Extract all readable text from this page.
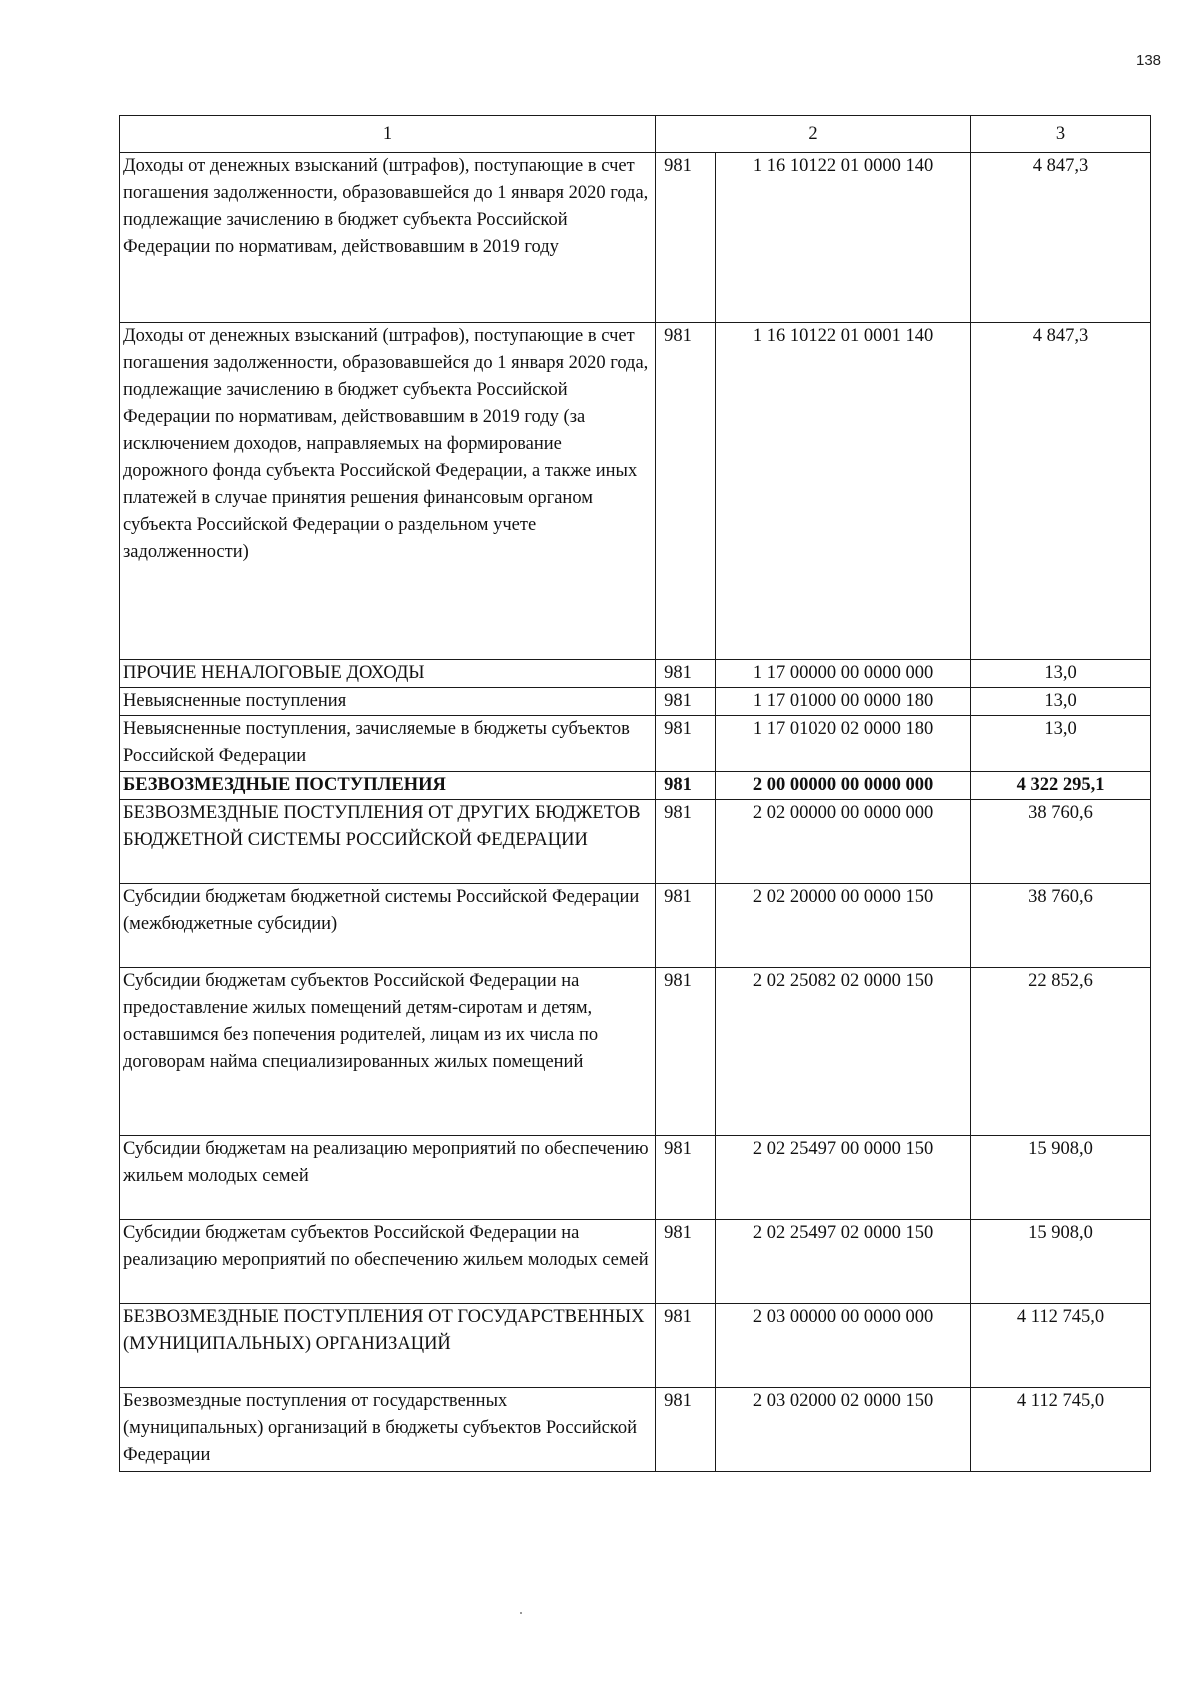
138
1	2		3
Доходы от денежных взысканий (штрафов), поступающие в счет погашения задолженности, образовавшейся до 1 января 2020 года, подлежащие зачислению в бюджет субъекта Российской Федерации по нормативам, действовавшим в 2019 году	981	1 16 10122 01 0000 140	4 847,3
Доходы от денежных взысканий (штрафов), поступающие в счет погашения задолженности, образовавшейся до 1 января 2020 года, подлежащие зачислению в бюджет субъекта Российской Федерации по нормативам, действовавшим в 2019 году (за исключением доходов, направляемых на формирование дорожного фонда субъекта Российской Федерации, а также иных платежей в случае принятия решения финансовым органом субъекта Российской Федерации о раздельном учете задолженности)	981	1 16 10122 01 0001 140	4 847,3
ПРОЧИЕ НЕНАЛОГОВЫЕ ДОХОДЫ	981	1 17 00000 00 0000 000	13,0
Невыясненные поступления	981	1 17 01000 00 0000 180	13,0
Невыясненные поступления, зачисляемые в бюджеты субъектов Российской Федерации	981	1 17 01020 02 0000 180	13,0
БЕЗВОЗМЕЗДНЫЕ ПОСТУПЛЕНИЯ	981	2 00 00000 00 0000 000	4 322 295,1
БЕЗВОЗМЕЗДНЫЕ ПОСТУПЛЕНИЯ ОТ ДРУГИХ БЮДЖЕТОВ БЮДЖЕТНОЙ СИСТЕМЫ РОССИЙСКОЙ ФЕДЕРАЦИИ	981	2 02 00000 00 0000 000	38 760,6
Субсидии бюджетам бюджетной системы Российской Федерации (межбюджетные субсидии)	981	2 02 20000 00 0000 150	38 760,6
Субсидии бюджетам субъектов Российской Федерации на предоставление жилых помещений детям-сиротам и детям, оставшимся без попечения родителей, лицам из их числа по договорам найма специализированных жилых помещений	981	2 02 25082 02 0000 150	22 852,6
Субсидии бюджетам на реализацию мероприятий по обеспечению жильем молодых семей	981	2 02 25497 00 0000 150	15 908,0
Субсидии бюджетам субъектов Российской Федерации на реализацию мероприятий по обеспечению жильем молодых семей	981	2 02 25497 02 0000 150	15 908,0
БЕЗВОЗМЕЗДНЫЕ ПОСТУПЛЕНИЯ ОТ ГОСУДАРСТВЕННЫХ (МУНИЦИПАЛЬНЫХ) ОРГАНИЗАЦИЙ	981	2 03 00000 00 0000 000	4 112 745,0
Безвозмездные поступления от государственных (муниципальных) организаций в бюджеты субъектов Российской Федерации	981	2 03 02000 02 0000 150	4 112 745,0
